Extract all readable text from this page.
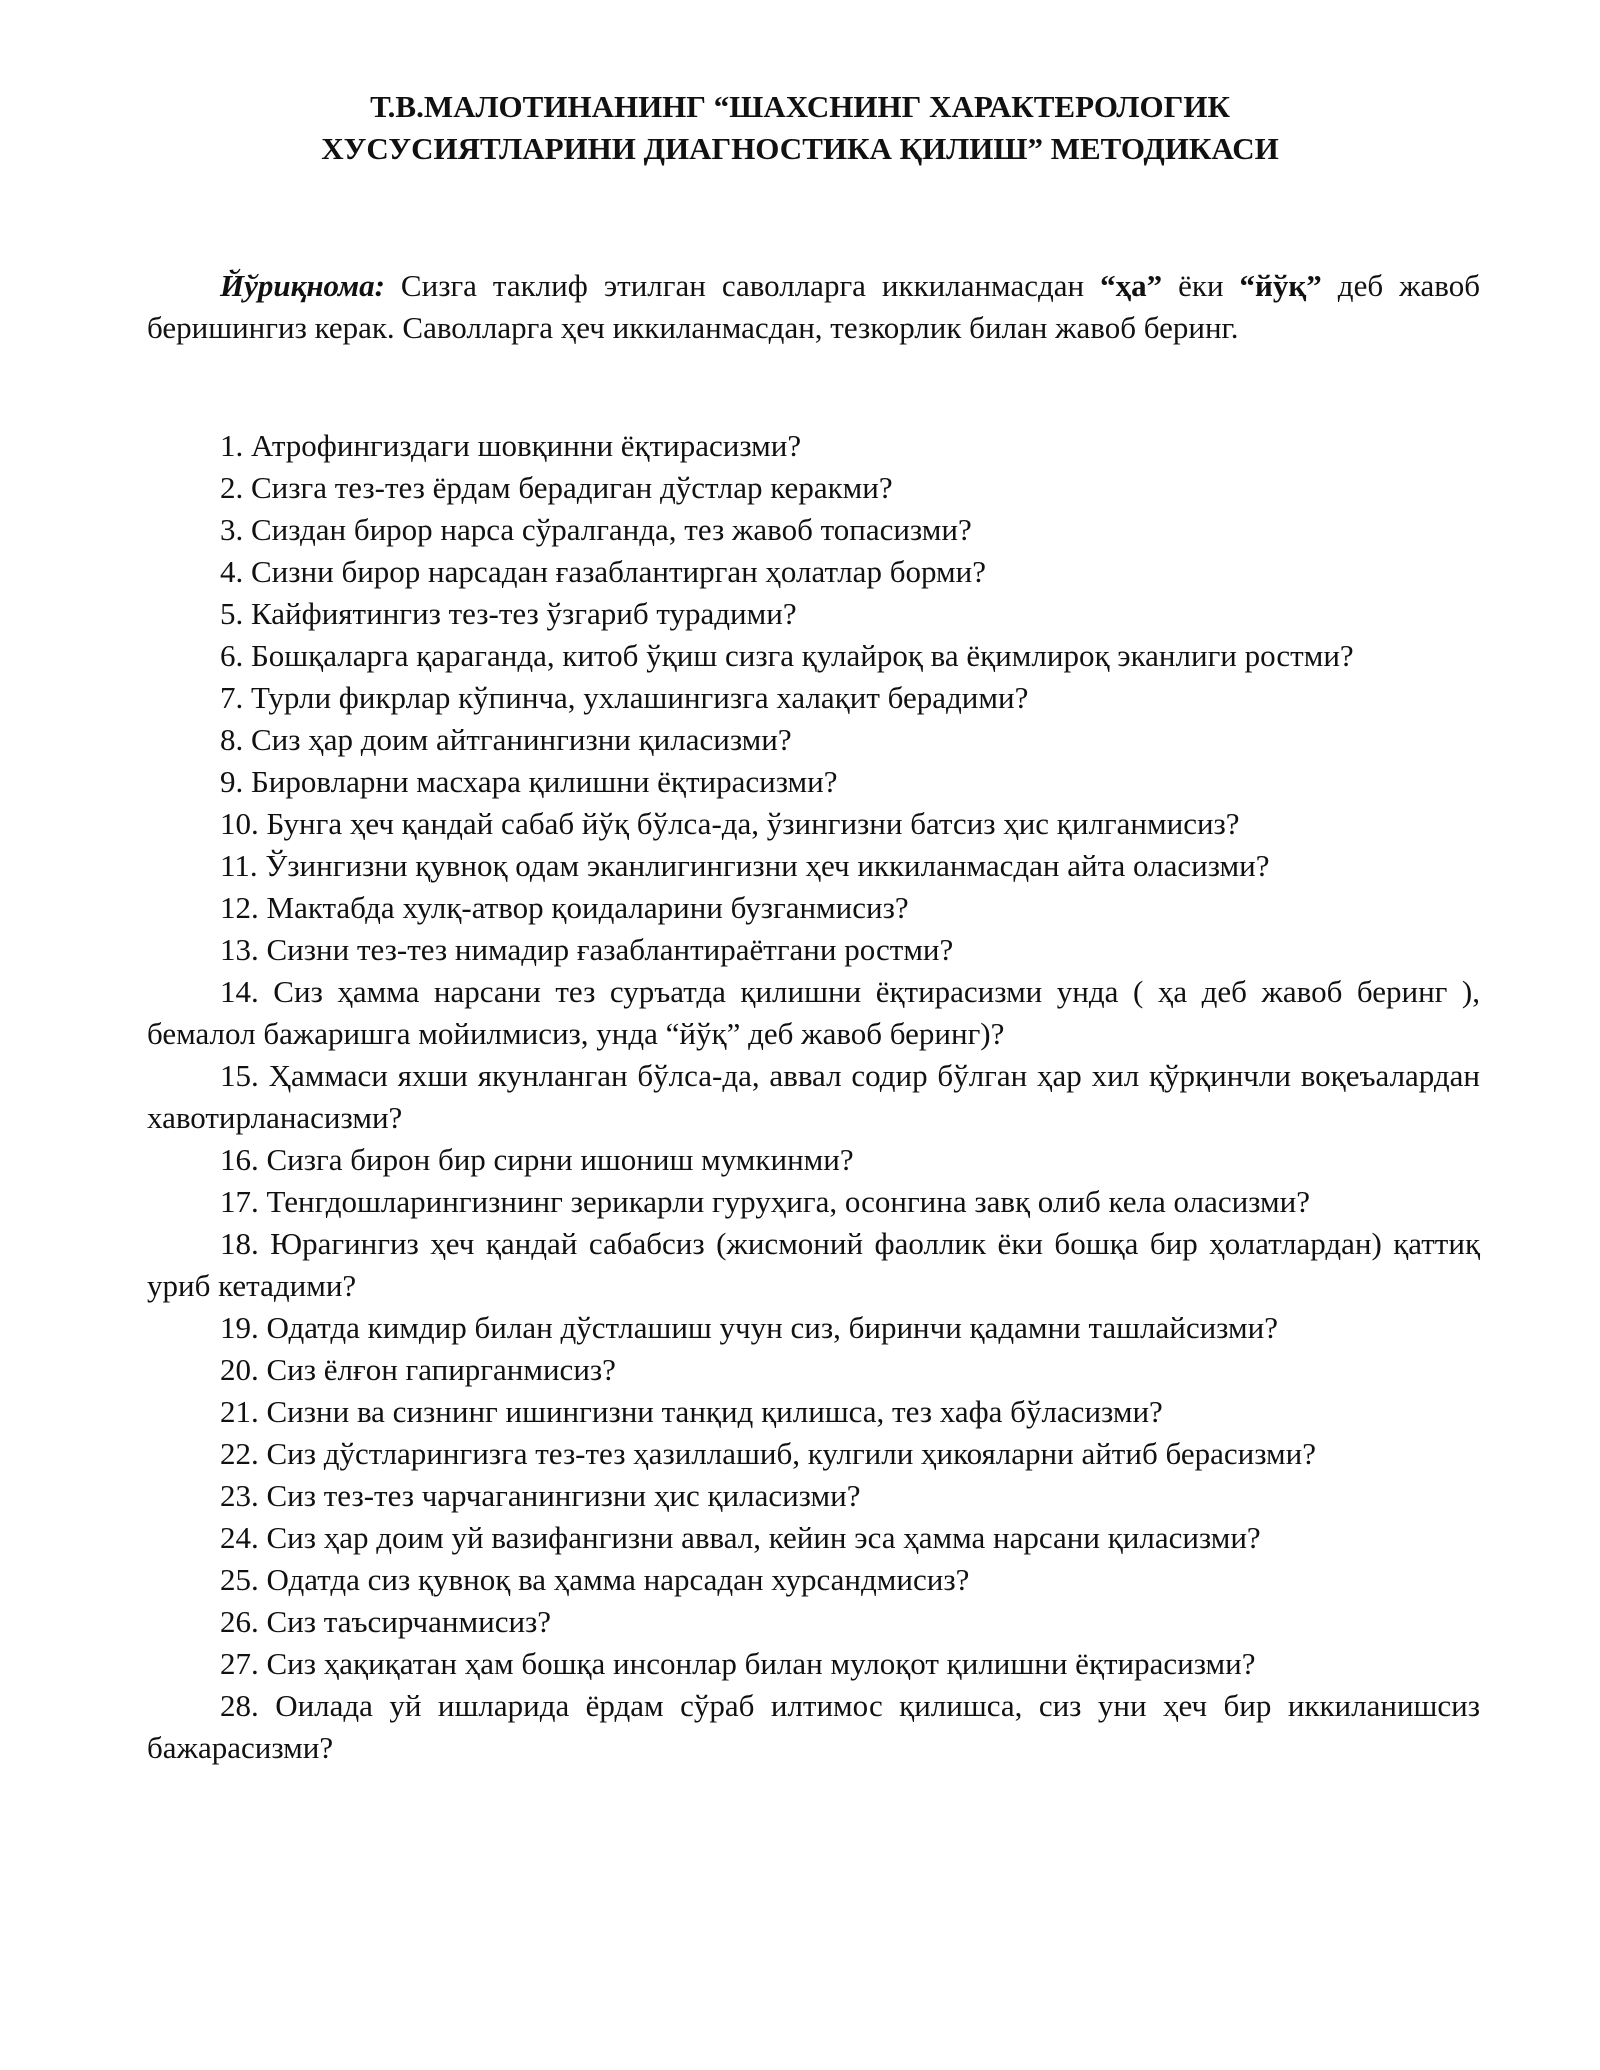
Т.В.МАЛОТИНАНИНГ “ШАХСНИНГ ХАРАКТЕРОЛОГИК
ХУСУСИЯТЛАРИНИ ДИАГНОСТИКА ҚИЛИШ” МЕТОДИКАСИ

Йўриқнома: Сизга таклиф этилган саволларга иккиланмасдан “ҳа” ёки “йўқ” деб жавоб беришингиз керак. Саволларга ҳеч иккиланмасдан, тезкорлик билан жавоб беринг.

1. Атрофингиздаги шовқинни ёқтирасизми?

2. Сизга тез-тез ёрдам берадиган дўстлар керакми?

3. Сиздан бирор нарса сўралганда, тез жавоб топасизми?

4. Сизни бирор нарсадан ғазаблантирган ҳолатлар борми?

5. Кайфиятингиз тез-тез ўзгариб турадими?

6. Бошқаларга қараганда, китоб ўқиш сизга қулайроқ ва ёқимлироқ эканлиги ростми?

7. Турли фикрлар кўпинча, ухлашингизга халақит берадими?

8. Сиз ҳар доим айтганингизни қиласизми?

9. Бировларни масхара қилишни ёқтирасизми?

10. Бунга ҳеч қандай сабаб йўқ бўлса-да, ўзингизни батсиз ҳис қилганмисиз?

11. Ўзингизни қувноқ одам эканлигингизни ҳеч иккиланмасдан айта оласизми?

12. Мактабда хулқ-атвор қоидаларини бузганмисиз?

13. Сизни тез-тез нимадир ғазаблантираётгани ростми?

14. Сиз ҳамма нарсани тез суръатда қилишни ёқтирасизми унда ( ҳа деб жавоб беринг ), бемалол бажаришга мойилмисиз, унда “йўқ” деб жавоб беринг)?

15. Ҳаммаси яхши якунланган бўлса-да, аввал содир бўлган ҳар хил қўрқинчли воқеъалардан хавотирланасизми?

16. Сизга бирон бир сирни ишониш мумкинми?

17. Тенгдошларингизнинг зерикарли гуруҳига, осонгина завқ олиб кела оласизми?

18. Юрагингиз ҳеч қандай сабабсиз (жисмоний фаоллик ёки бошқа бир ҳолатлардан) қаттиқ уриб кетадими?

19. Одатда кимдир билан дўстлашиш учун сиз, биринчи қадамни ташлайсизми?

20. Сиз ёлғон гапирганмисиз?

21. Сизни ва сизнинг ишингизни танқид қилишса, тез хафа бўласизми?

22. Сиз дўстларингизга тез-тез ҳазиллашиб, кулгили ҳикояларни айтиб берасизми?

23. Сиз тез-тез чарчаганингизни ҳис қиласизми?

24. Сиз ҳар доим уй вазифангизни аввал, кейин эса ҳамма нарсани қиласизми?

25. Одатда сиз қувноқ ва ҳамма нарсадан хурсандмисиз?

26. Сиз таъсирчанмисиз?

27. Сиз ҳақиқатан ҳам бошқа инсонлар билан мулоқот қилишни ёқтирасизми?

28. Оилада уй ишларида ёрдам сўраб илтимос қилишса, сиз уни ҳеч бир иккиланишсиз бажарасизми?
